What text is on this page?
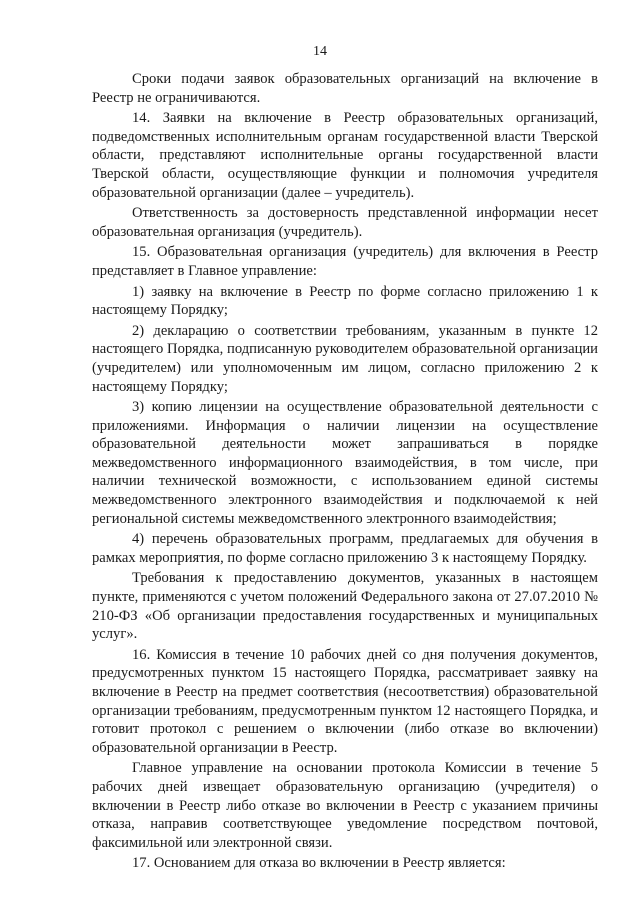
14

Сроки подачи заявок образовательных организаций на включение в Реестр не ограничиваются.

14. Заявки на включение в Реестр образовательных организаций, подведомственных исполнительным органам государственной власти Тверской области, представляют исполнительные органы государственной власти Тверской области, осуществляющие функции и полномочия учредителя образовательной организации (далее – учредитель).

Ответственность за достоверность представленной информации несет образовательная организация (учредитель).

15. Образовательная организация (учредитель) для включения в Реестр представляет в Главное управление:

1) заявку на включение в Реестр по форме согласно приложению 1 к настоящему Порядку;

2) декларацию о соответствии требованиям, указанным в пункте 12 настоящего Порядка, подписанную руководителем образовательной организации (учредителем) или уполномоченным им лицом, согласно приложению 2 к настоящему Порядку;

3) копию лицензии на осуществление образовательной деятельности с приложениями. Информация о наличии лицензии на осуществление образовательной деятельности может запрашиваться в порядке межведомственного информационного взаимодействия, в том числе, при наличии технической возможности, с использованием единой системы межведомственного электронного взаимодействия и подключаемой к ней региональной системы межведомственного электронного взаимодействия;

4) перечень образовательных программ, предлагаемых для обучения в рамках мероприятия, по форме согласно приложению 3 к настоящему Порядку.

Требования к предоставлению документов, указанных в настоящем пункте, применяются с учетом положений Федерального закона от 27.07.2010 № 210-ФЗ «Об организации предоставления государственных и муниципальных услуг».

16. Комиссия в течение 10 рабочих дней со дня получения документов, предусмотренных пунктом 15 настоящего Порядка, рассматривает заявку на включение в Реестр на предмет соответствия (несоответствия) образовательной организации требованиям, предусмотренным пунктом 12 настоящего Порядка, и готовит протокол с решением о включении (либо отказе во включении) образовательной организации в Реестр.

Главное управление на основании протокола Комиссии в течение 5 рабочих дней извещает образовательную организацию (учредителя) о включении в Реестр либо отказе во включении в Реестр с указанием причины отказа, направив соответствующее уведомление посредством почтовой, факсимильной или электронной связи.

17. Основанием для отказа во включении в Реестр является:
